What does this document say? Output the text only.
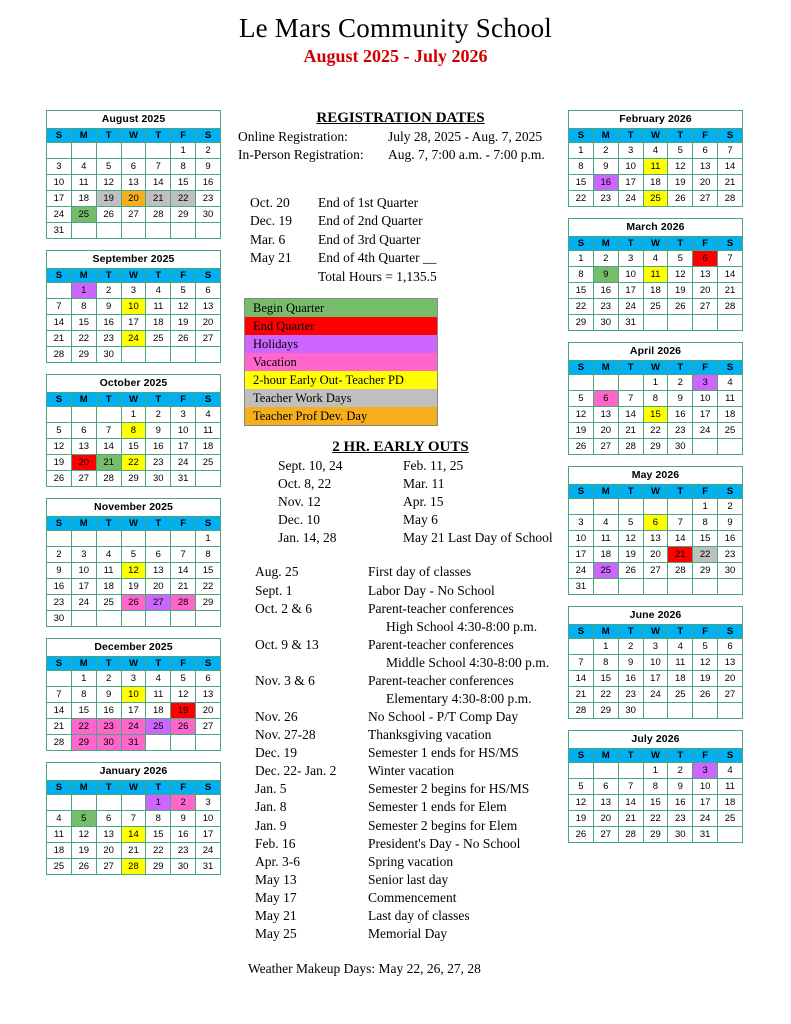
Le Mars Community School
August 2025 - July 2026
August 2025
S	M	T	W	T	F	S
					1	2
3	4	5	6	7	8	9
10	11	12	13	14	15	16
17	18	19	20	21	22	23
24	25	26	27	28	29	30
31						
September 2025
S	M	T	W	T	F	S
	1	2	3	4	5	6
7	8	9	10	11	12	13
14	15	16	17	18	19	20
21	22	23	24	25	26	27
28	29	30				
October 2025
S	M	T	W	T	F	S
			1	2	3	4
5	6	7	8	9	10	11
12	13	14	15	16	17	18
19	20	21	22	23	24	25
26	27	28	29	30	31	
November 2025
S	M	T	W	T	F	S
						1
2	3	4	5	6	7	8
9	10	11	12	13	14	15
16	17	18	19	20	21	22
23	24	25	26	27	28	29
30						
December 2025
S	M	T	W	T	F	S
	1	2	3	4	5	6
7	8	9	10	11	12	13
14	15	16	17	18	19	20
21	22	23	24	25	26	27
28	29	30	31			
January 2026
S	M	T	W	T	F	S
				1	2	3
4	5	6	7	8	9	10
11	12	13	14	15	16	17
18	19	20	21	22	23	24
25	26	27	28	29	30	31
February 2026
S	M	T	W	T	F	S
1	2	3	4	5	6	7
8	9	10	11	12	13	14
15	16	17	18	19	20	21
22	23	24	25	26	27	28
March 2026
S	M	T	W	T	F	S
1	2	3	4	5	6	7
8	9	10	11	12	13	14
15	16	17	18	19	20	21
22	23	24	25	26	27	28
29	30	31				
April 2026
S	M	T	W	T	F	S
			1	2	3	4
5	6	7	8	9	10	11
12	13	14	15	16	17	18
19	20	21	22	23	24	25
26	27	28	29	30		
May 2026
S	M	T	W	T	F	S
					1	2
3	4	5	6	7	8	9
10	11	12	13	14	15	16
17	18	19	20	21	22	23
24	25	26	27	28	29	30
31						
June 2026
S	M	T	W	T	F	S
	1	2	3	4	5	6
7	8	9	10	11	12	13
14	15	16	17	18	19	20
21	22	23	24	25	26	27
28	29	30				
July 2026
S	M	T	W	T	F	S
			1	2	3	4
5	6	7	8	9	10	11
12	13	14	15	16	17	18
19	20	21	22	23	24	25
26	27	28	29	30	31	
REGISTRATION DATES
Online Registration:	July 28, 2025 - Aug. 7, 2025
In-Person Registration:	Aug. 7, 7:00 a.m. - 7:00 p.m.
Oct. 20	End of 1st Quarter
Dec. 19	End of 2nd Quarter
Mar. 6	End of 3rd Quarter
May 21	End of 4th Quarter __
Total Hours = 1,135.5
Begin Quarter
End Quarter
Holidays
Vacation
2-hour Early Out- Teacher PD
Teacher Work Days
Teacher Prof Dev. Day
2 HR. EARLY OUTS
Sept. 10, 24	Feb. 11, 25
Oct. 8, 22	Mar. 11
Nov. 12	Apr. 15
Dec. 10	May 6
Jan. 14, 28	May 21 Last Day of School
Aug. 25	First day of classes
Sept. 1	Labor Day - No School
Oct. 2 & 6	Parent-teacher conferences
High School 4:30-8:00 p.m.
Oct. 9 & 13	Parent-teacher conferences
Middle School 4:30-8:00 p.m.
Nov. 3 & 6	Parent-teacher conferences
Elementary 4:30-8:00 p.m.
Nov. 26	No School - P/T Comp Day
Nov. 27-28	Thanksgiving vacation
Dec. 19	Semester 1 ends for HS/MS
Dec. 22- Jan. 2	Winter vacation
Jan. 5	Semester 2 begins for HS/MS
Jan. 8	Semester 1 ends for Elem
Jan. 9	Semester 2 begins for Elem
Feb. 16	President's Day - No School
Apr. 3-6	Spring vacation
May 13	Senior last day
May 17	Commencement
May 21	Last day of classes
May 25	Memorial Day
Weather Makeup Days: May 22, 26, 27, 28
